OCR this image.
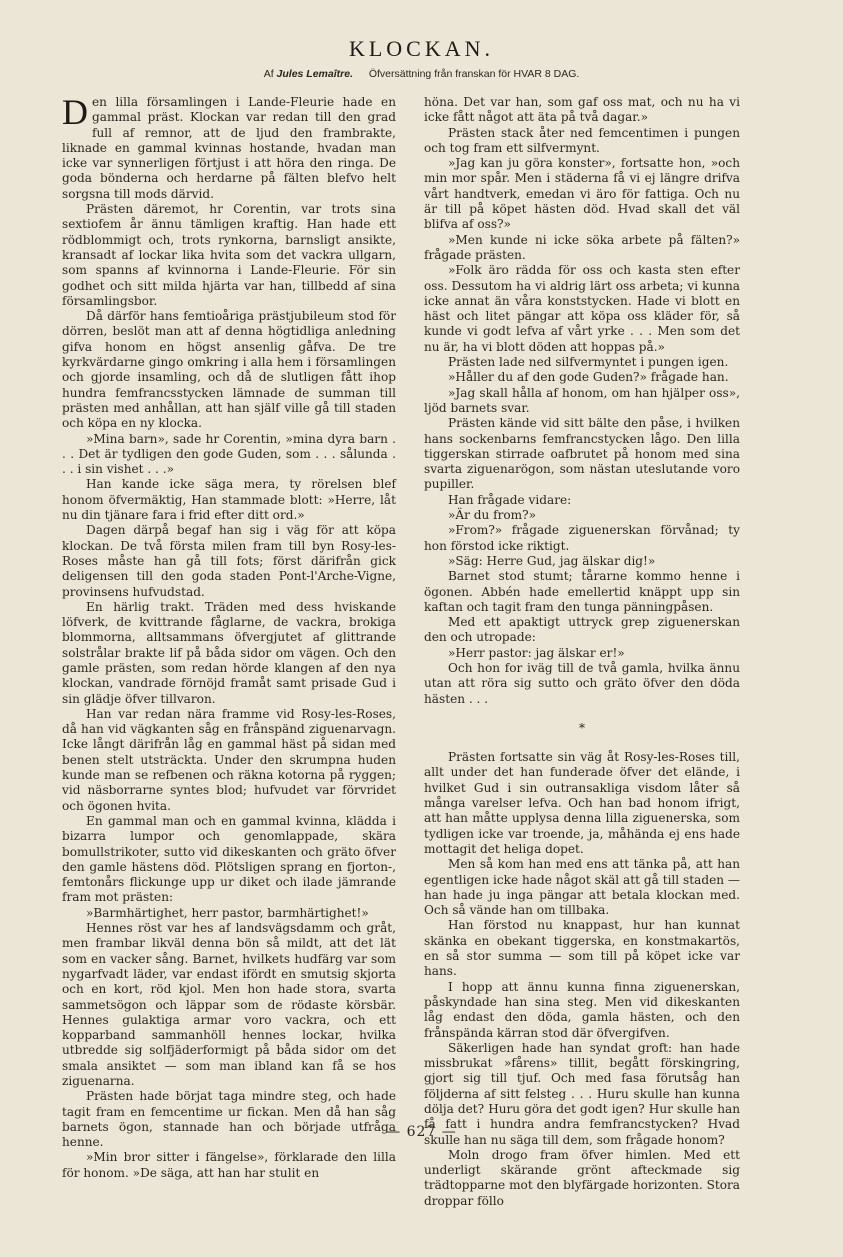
KLOCKAN.
Af Jules Lemaître. Öfversättning från franskan för HVAR 8 DAG.

Den lilla församlingen i Lande-Fleurie hade en gammal präst. Klockan var redan till den grad full af remnor, att de ljud den frambrakte, liknade en gammal kvinnas hostande, hvadan man icke var synnerligen förtjust i att höra den ringa. De goda bönderna och herdarne på fälten blefvo helt sorgsna till mods därvid.

Prästen däremot, hr Corentin, var trots sina sextiofem år ännu tämligen kraftig. Han hade ett rödblommigt och, trots rynkorna, barnsligt ansikte, kransadt af lockar lika hvita som det vackra ullgarn, som spanns af kvinnorna i Lande-Fleurie. För sin godhet och sitt milda hjärta var han, tillbedd af sina församlingsbor.

Då därför hans femtioåriga prästjubileum stod för dörren, beslöt man att af denna högtidliga anledning gifva honom en högst ansenlig gåfva. De tre kyrkvärdarne gingo omkring i alla hem i församlingen och gjorde insamling, och då de slutligen fått ihop hundra femfrancsstycken lämnade de summan till prästen med anhållan, att han själf ville gå till staden och köpa en ny klocka.

»Mina barn», sade hr Corentin, »mina dyra barn . . . Det är tydligen den gode Guden, som . . . sålunda . . . i sin vishet . . .»

Han kande icke säga mera, ty rörelsen blef honom öfvermäktig, Han stammade blott: »Herre, låt nu din tjänare fara i frid efter ditt ord.»

Dagen därpå begaf han sig i väg för att köpa klockan. De två första milen fram till byn Rosy-les-Roses måste han gå till fots; först därifrån gick deligensen till den goda staden Pont-l'Arche-Vigne, provinsens hufvudstad.

En härlig trakt. Träden med dess hviskande löfverk, de kvittrande fåglarne, de vackra, brokiga blommorna, alltsammans öfvergjutet af glittrande solstrålar brakte lif på båda sidor om vägen. Och den gamle prästen, som redan hörde klangen af den nya klockan, vandrade förnöjd framåt samt prisade Gud i sin glädje öfver tillvaron.

Han var redan nära framme vid Rosy-les-Roses, då han vid vägkanten såg en frånspänd ziguenarvagn. Icke långt därifrån låg en gammal häst på sidan med benen stelt utsträckta. Under den skrumpna huden kunde man se refbenen och räkna kotorna på ryggen; vid näsborrarne syntes blod; hufvudet var förvridet och ögonen hvita.

En gammal man och en gammal kvinna, klädda i bizarra lumpor och genomlappade, skära bomullstrikoter, sutto vid dikeskanten och gräto öfver den gamle hästens död. Plötsligen sprang en fjorton-, femtonårs flickunge upp ur diket och ilade jämrande fram mot prästen:

»Barmhärtighet, herr pastor, barmhärtighet!»

Hennes röst var hes af landsvägsdamm och gråt, men frambar likväl denna bön så mildt, att det lät som en vacker sång. Barnet, hvilkets hudfärg var som nygarfvadt läder, var endast ifördt en smutsig skjorta och en kort, röd kjol. Men hon hade stora, svarta sammetsögon och läppar som de rödaste körsbär. Hennes gulaktiga armar voro vackra, och ett kopparband sammanhöll hennes lockar, hvilka utbredde sig solfjäderformigt på båda sidor om det smala ansiktet — som man ibland kan få se hos ziguenarna.

Prästen hade börjat taga mindre steg, och hade tagit fram en femcentime ur fickan. Men då han såg barnets ögon, stannade han och började utfråga henne.

»Min bror sitter i fängelse», förklarade den lilla för honom. »De säga, att han har stulit en

höna. Det var han, som gaf oss mat, och nu ha vi icke fått något att äta på två dagar.»

Prästen stack åter ned femcentimen i pungen och tog fram ett silfvermynt.

»Jag kan ju göra konster», fortsatte hon, »och min mor spår. Men i städerna få vi ej längre drifva vårt handtverk, emedan vi äro för fattiga. Och nu är till på köpet hästen död. Hvad skall det väl blifva af oss?»

»Men kunde ni icke söka arbete på fälten?» frågade prästen.

»Folk äro rädda för oss och kasta sten efter oss. Dessutom ha vi aldrig lärt oss arbeta; vi kunna icke annat än våra konststycken. Hade vi blott en häst och litet pängar att köpa oss kläder för, så kunde vi godt lefva af vårt yrke . . . Men som det nu är, ha vi blott döden att hoppas på.»

Prästen lade ned silfvermyntet i pungen igen.

»Håller du af den gode Guden?» frågade han.

»Jag skall hålla af honom, om han hjälper oss», ljöd barnets svar.

Prästen kände vid sitt bälte den påse, i hvilken hans sockenbarns femfrancstycken lågo. Den lilla tiggerskan stirrade oafbrutet på honom med sina svarta ziguenarögon, som nästan uteslutande voro pupiller.

Han frågade vidare:

»Är du from?»

»From?» frågade ziguenerskan förvånad; ty hon förstod icke riktigt.

»Säg: Herre Gud, jag älskar dig!»

Barnet stod stumt; tårarne kommo henne i ögonen. Abbén hade emellertid knäppt upp sin kaftan och tagit fram den tunga pänningpåsen.

Med ett apaktigt uttryck grep ziguenerskan den och utropade:

»Herr pastor: jag älskar er!»

Och hon for iväg till de två gamla, hvilka ännu utan att röra sig sutto och gräto öfver den döda hästen . . .

*

Prästen fortsatte sin väg åt Rosy-les-Roses till, allt under det han funderade öfver det elände, i hvilket Gud i sin outransakliga visdom låter så många varelser lefva. Och han bad honom ifrigt, att han måtte upplysa denna lilla ziguenerska, som tydligen icke var troende, ja, måhända ej ens hade mottagit det heliga dopet.

Men så kom han med ens att tänka på, att han egentligen icke hade något skäl att gå till staden — han hade ju inga pängar att betala klockan med. Och så vände han om tillbaka.

Han förstod nu knappast, hur han kunnat skänka en obekant tiggerska, en konstmakartös, en så stor summa — som till på köpet icke var hans.

I hopp att ännu kunna finna ziguenerskan, påskyndade han sina steg. Men vid dikeskanten låg endast den döda, gamla hästen, och den frånspända kärran stod där öfvergifven.

Säkerligen hade han syndat groft: han hade missbrukat »fårens» tillit, begått förskingring, gjort sig till tjuf. Och med fasa förutsåg han följderna af sitt felsteg . . . Huru skulle han kunna dölja det? Huru göra det godt igen? Hur skulle han få fatt i hundra andra femfrancstycken? Hvad skulle han nu säga till dem, som frågade honom?

Moln drogo fram öfver himlen. Med ett underligt skärande grönt afteckmade sig trädtopparne mot den blyfärgade horizonten. Stora droppar föllo

— 627 —
